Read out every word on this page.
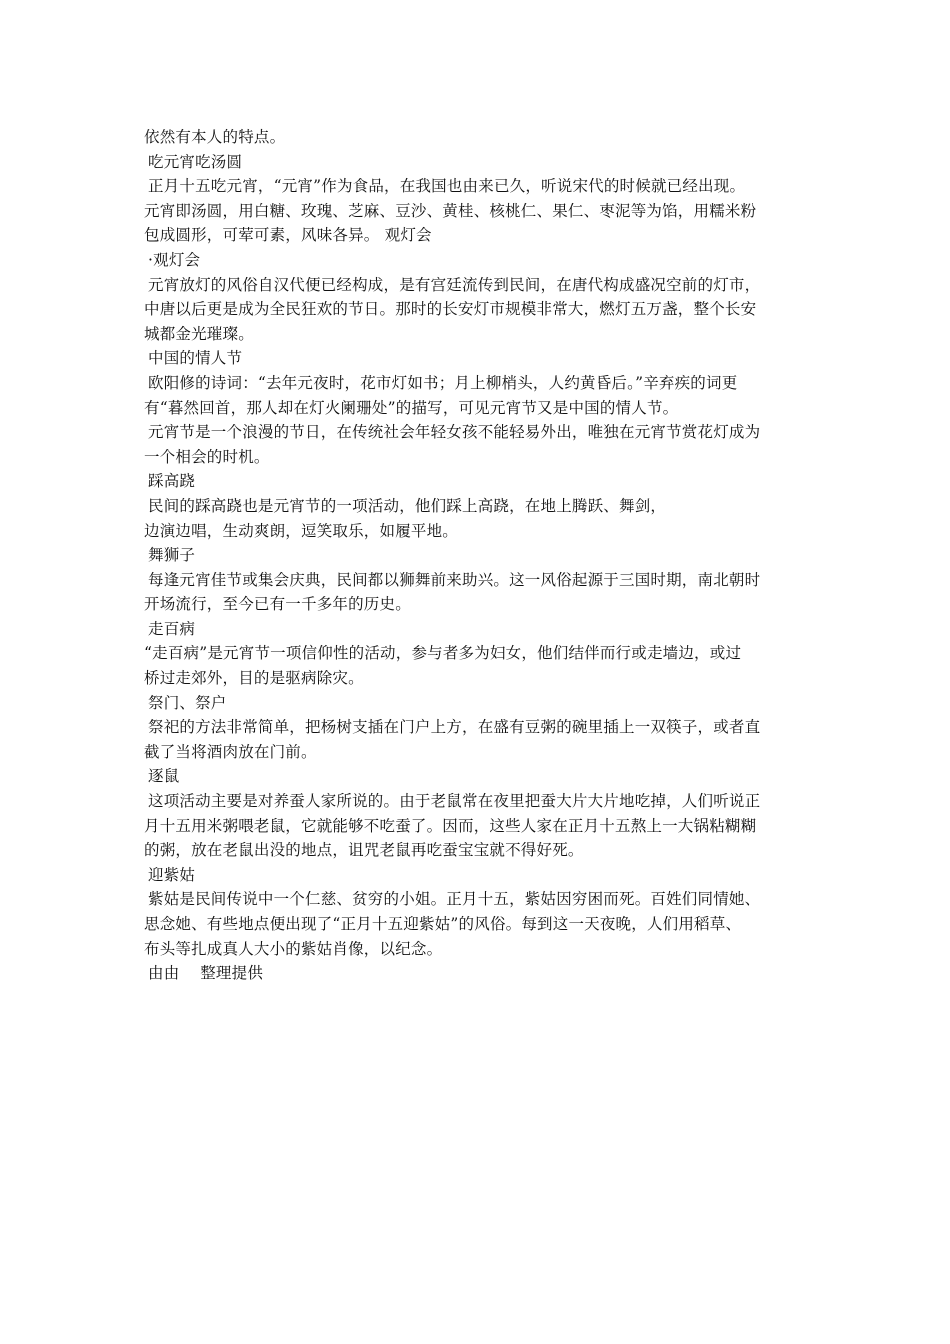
依然有本人的特点。
吃元宵吃汤圆
正月十五吃元宵，“元宵”作为食品，在我国也由来已久，听说宋代的时候就已经出现。
元宵即汤圆，用白糖、玫瑰、芝麻、豆沙、黄桂、核桃仁、果仁、枣泥等为馅，用糯米粉
包成圆形，可荤可素，风味各异。 观灯会
·观灯会
元宵放灯的风俗自汉代便已经构成，是有宫廷流传到民间，在唐代构成盛况空前的灯市，
中唐以后更是成为全民狂欢的节日。那时的长安灯市规模非常大，燃灯五万盏，整个长安
城都金光璀璨。
中国的情人节
欧阳修的诗词：“去年元夜时，花市灯如书；月上柳梢头，人约黄昏后。”辛弃疾的词更
有“暮然回首，那人却在灯火阑珊处”的描写，可见元宵节又是中国的情人节。
元宵节是一个浪漫的节日，在传统社会年轻女孩不能轻易外出，唯独在元宵节赏花灯成为
一个相会的时机。
踩高跷
民间的踩高跷也是元宵节的一项活动，他们踩上高跷，在地上腾跃、舞剑，
边演边唱，生动爽朗，逗笑取乐，如履平地。
舞狮子
每逢元宵佳节或集会庆典，民间都以狮舞前来助兴。这一风俗起源于三国时期，南北朝时
开场流行，至今已有一千多年的历史。
走百病
“走百病”是元宵节一项信仰性的活动，参与者多为妇女，他们结伴而行或走墙边，或过
桥过走郊外，目的是驱病除灾。
祭门、祭户
祭祀的方法非常简单，把杨树支插在门户上方，在盛有豆粥的碗里插上一双筷子，或者直
截了当将酒肉放在门前。
逐鼠
这项活动主要是对养蚕人家所说的。由于老鼠常在夜里把蚕大片大片地吃掉，人们听说正
月十五用米粥喂老鼠，它就能够不吃蚕了。因而，这些人家在正月十五熬上一大锅粘糊糊
的粥，放在老鼠出没的地点，诅咒老鼠再吃蚕宝宝就不得好死。
迎紫姑
紫姑是民间传说中一个仁慈、贫穷的小姐。正月十五，紫姑因穷困而死。百姓们同情她、
思念她、有些地点便出现了“正月十五迎紫姑”的风俗。每到这一天夜晚，人们用稻草、
布头等扎成真人大小的紫姑肖像，以纪念。
由由　 整理提供
